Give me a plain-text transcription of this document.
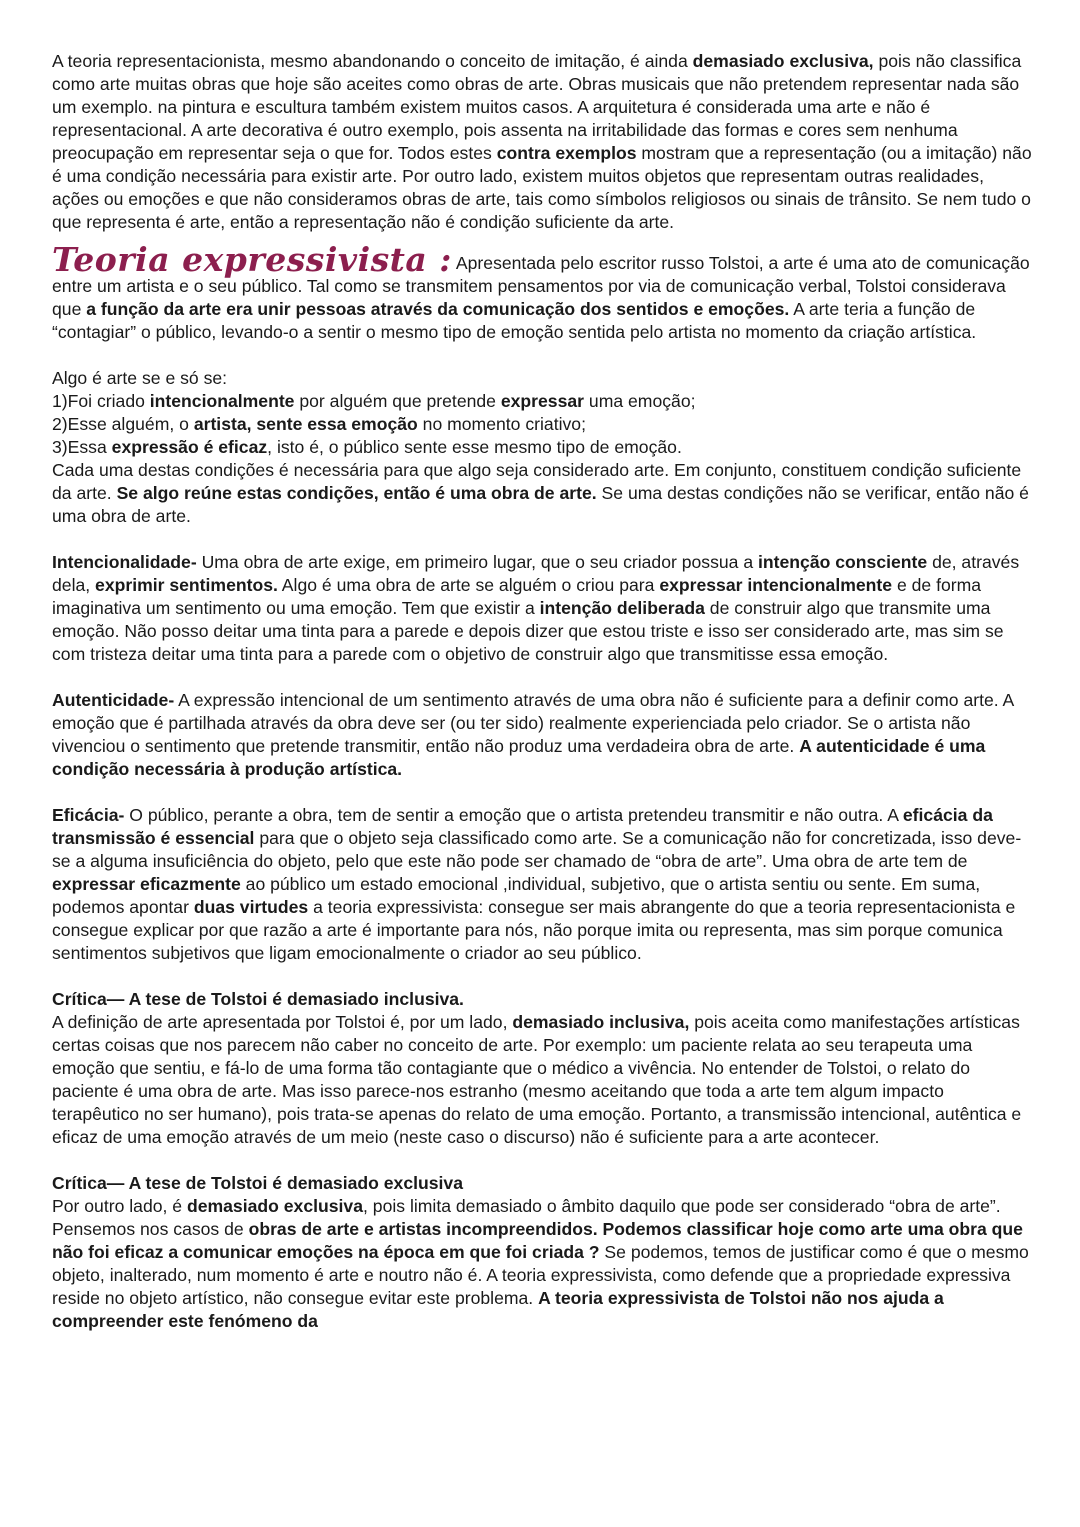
A teoria representacionista, mesmo abandonando o conceito de imitação, é ainda demasiado exclusiva, pois não classifica como arte muitas obras que hoje são aceites como obras de arte. Obras musicais que não pretendem representar nada são um exemplo. na pintura e escultura também existem muitos casos. A arquitetura é considerada uma arte e não é representacional. A arte decorativa é outro exemplo, pois assenta na irritabilidade das formas e cores sem nenhuma preocupação em representar seja o que for. Todos estes contra exemplos mostram que a representação (ou a imitação) não é uma condição necessária para existir arte. Por outro lado, existem muitos objetos que representam outras realidades, ações ou emoções e que não consideramos obras de arte, tais como símbolos religiosos ou sinais de trânsito. Se nem tudo o que representa é arte, então a representação não é condição suficiente da arte.

Teoria expressivista : Apresentada pelo escritor russo Tolstoi, a arte é uma ato de comunicação entre um artista e o seu público. Tal como se transmitem pensamentos por via de comunicação verbal, Tolstoi considerava que a função da arte era unir pessoas através da comunicação dos sentidos e emoções. A arte teria a função de “contagiar” o público, levando-o a sentir o mesmo tipo de emoção sentida pelo artista no momento da criação artística.

Algo é arte se e só se:

1)Foi criado intencionalmente por alguém que pretende expressar uma emoção;

2)Esse alguém, o artista, sente essa emoção no momento criativo;

3)Essa expressão é eficaz, isto é, o público sente esse mesmo tipo de emoção.

Cada uma destas condições é necessária para que algo seja considerado arte. Em conjunto, constituem condição suficiente da arte. Se algo reúne estas condições, então é uma obra de arte. Se uma destas condições não se verificar, então não é uma obra de arte.

Intencionalidade- Uma obra de arte exige, em primeiro lugar, que o seu criador possua a intenção consciente de, através dela, exprimir sentimentos. Algo é uma obra de arte se alguém o criou para expressar intencionalmente e de forma imaginativa um sentimento ou uma emoção. Tem que existir a intenção deliberada de construir algo que transmite uma emoção. Não posso deitar uma tinta para a parede e depois dizer que estou triste e isso ser considerado arte, mas sim se com tristeza deitar uma tinta para a parede com o objetivo de construir algo que transmitisse essa emoção.

Autenticidade- A expressão intencional de um sentimento através de uma obra não é suficiente para a definir como arte. A emoção que é partilhada através da obra deve ser (ou ter sido) realmente experienciada pelo criador. Se o artista não vivenciou o sentimento que pretende transmitir, então não produz uma verdadeira obra de arte. A autenticidade é uma condição necessária à produção artística.

Eficácia- O público, perante a obra, tem de sentir a emoção que o artista pretendeu transmitir e não outra. A eficácia da transmissão é essencial para que o objeto seja classificado como arte. Se a comunicação não for concretizada, isso deve-se a alguma insuficiência do objeto, pelo que este não pode ser chamado de “obra de arte”. Uma obra de arte tem de expressar eficazmente ao público um estado emocional ,individual, subjetivo, que o artista sentiu ou sente. Em suma, podemos apontar duas virtudes a teoria expressivista: consegue ser mais abrangente do que a teoria representacionista e consegue explicar por que razão a arte é importante para nós, não porque imita ou representa, mas sim porque comunica sentimentos subjetivos que ligam emocionalmente o criador ao seu público.

Crítica— A tese de Tolstoi é demasiado inclusiva.

A definição de arte apresentada por Tolstoi é, por um lado, demasiado inclusiva, pois aceita como manifestações artísticas certas coisas que nos parecem não caber no conceito de arte. Por exemplo: um paciente relata ao seu terapeuta uma emoção que sentiu, e fá-lo de uma forma tão contagiante que o médico a vivência. No entender de Tolstoi, o relato do paciente é uma obra de arte. Mas isso parece-nos estranho (mesmo aceitando que toda a arte tem algum impacto terapêutico no ser humano), pois trata-se apenas do relato de uma emoção. Portanto, a transmissão intencional, autêntica e eficaz de uma emoção através de um meio (neste caso o discurso) não é suficiente para a arte acontecer.

Crítica— A tese de Tolstoi é demasiado exclusiva

Por outro lado, é demasiado exclusiva, pois limita demasiado o âmbito daquilo que pode ser considerado “obra de arte”. Pensemos nos casos de obras de arte e artistas incompreendidos. Podemos classificar hoje como arte uma obra que não foi eficaz a comunicar emoções na época em que foi criada ? Se podemos, temos de justificar como é que o mesmo objeto, inalterado, num momento é arte e noutro não é. A teoria expressivista, como defende que a propriedade expressiva reside no objeto artístico, não consegue evitar este problema. A teoria expressivista de Tolstoi não nos ajuda a compreender este fenómeno da
